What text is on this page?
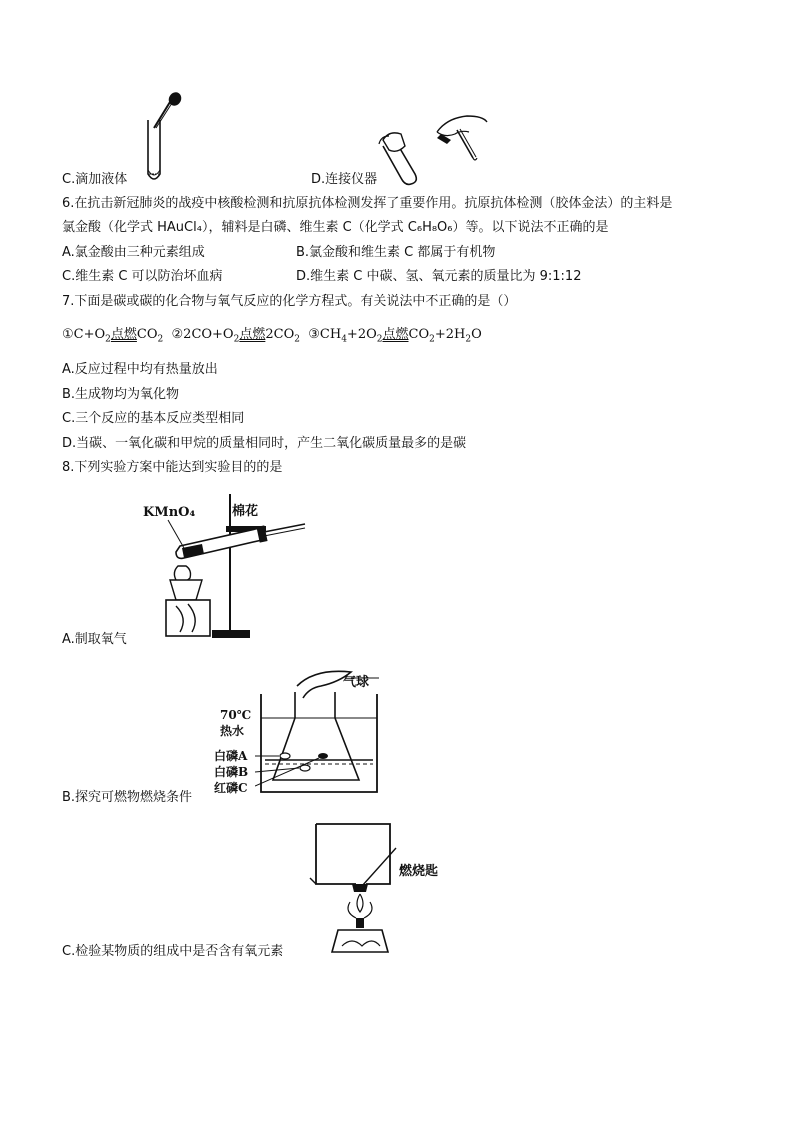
C.滴加液体	D.连接仪器
6.在抗击新冠肺炎的战疫中核酸检测和抗原抗体检测发挥了重要作用。抗原抗体检测（胶体金法）的主料是
氯金酸（化学式 HAuCl₄），辅料是白磷、维生素 C（化学式 C₆H₈O₆）等。以下说法不正确的是
A.氯金酸由三种元素组成	B.氯金酸和维生素 C 都属于有机物
C.维生素 C 可以防治坏血病	D.维生素 C 中碳、氢、氧元素的质量比为 9:1:12
7.下面是碳或碳的化合物与氧气反应的化学方程式。有关说法中不正确的是（）
$①C+O_2$点燃$CO_2$  $②2CO+O_2$点燃$2CO_2$  $③CH_4+2O_2$点燃$CO_2+2H_2O$
A.反应过程中均有热量放出
B.生成物均为氧化物
C.三个反应的基本反应类型相同
D.当碳、一氧化碳和甲烷的质量相同时，产生二氧化碳质量最多的是碳
8.下列实验方案中能达到实验目的的是
KMnO₄	棉花
A.制取氧气
气球
70℃
热水
白磷A
白磷B
红磷C
B.探究可燃物燃烧条件
燃烧匙
C.检验某物质的组成中是否含有氧元素
